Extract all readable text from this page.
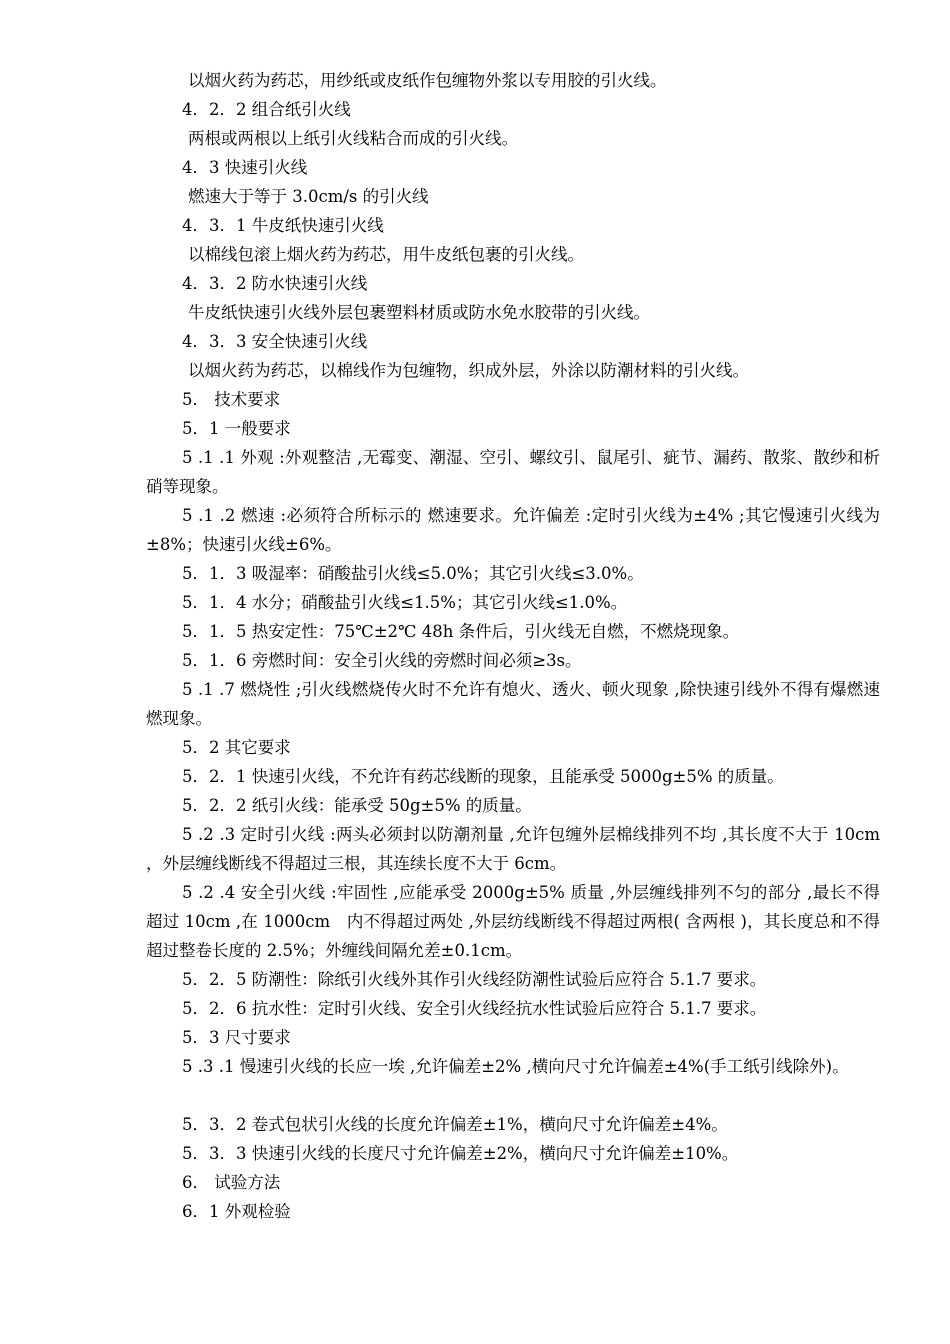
以烟火药为药芯，用纱纸或皮纸作包缠物外浆以专用胶的引火线。
4．2．2 组合纸引火线
两根或两根以上纸引火线粘合而成的引火线。
4．3 快速引火线
燃速大于等于 3.0cm/s 的引火线
4．3．1 牛皮纸快速引火线
以棉线包滚上烟火药为药芯，用牛皮纸包裹的引火线。
4．3．2 防水快速引火线
牛皮纸快速引火线外层包裹塑料材质或防水免水胶带的引火线。
4．3．3 安全快速引火线
以烟火药为药芯，以棉线作为包缠物，织成外层，外涂以防潮材料的引火线。
5． 技术要求
5．1 一般要求
5 .1 .1 外观 :外观整洁 ,无霉变、潮湿、空引、螺纹引、鼠尾引、疵节、漏药、散浆、散纱和析硝等现象。
5 .1 .2 燃速 :必须符合所标示的 燃速要求。允许偏差 :定时引火线为±4% ;其它慢速引火线为±8%；快速引火线±6%。
5．1．3 吸湿率：硝酸盐引火线≤5.0%；其它引火线≤3.0%。
5．1．4 水分；硝酸盐引火线≤1.5%；其它引火线≤1.0%。
5．1．5 热安定性：75℃±2℃ 48h 条件后，引火线无自燃，不燃烧现象。
5．1．6 旁燃时间：安全引火线的旁燃时间必须≥3s。
5 .1 .7 燃烧性 ;引火线燃烧传火时不允许有熄火、透火、顿火现象 ,除快速引线外不得有爆燃速燃现象。
5．2 其它要求
5．2．1 快速引火线，不允许有药芯线断的现象，且能承受 5000g±5% 的质量。
5．2．2 纸引火线：能承受 50g±5% 的质量。
5 .2 .3 定时引火线 :两头必须封以防潮剂量 ,允许包缠外层棉线排列不均 ,其长度不大于 10cm ，外层缠线断线不得超过三根，其连续长度不大于 6cm。
5 .2 .4 安全引火线 :牢固性 ,应能承受 2000g±5% 质量 ,外层缠线排列不匀的部分 ,最长不得超过 10cm ,在 1000cm　内不得超过两处 ,外层纺线断线不得超过两根( 含两根 )，其长度总和不得超过整卷长度的 2.5%；外缠线间隔允差±0.1cm。
5．2．5 防潮性：除纸引火线外其作引火线经防潮性试验后应符合 5.1.7 要求。
5．2．6 抗水性：定时引火线、安全引火线经抗水性试验后应符合 5.1.7 要求。
5．3 尺寸要求
5 .3 .1 慢速引火线的长应一埃 ,允许偏差±2% ,横向尺寸允许偏差±4%(手工纸引线除外)。
5．3．2 卷式包状引火线的长度允许偏差±1%，横向尺寸允许偏差±4%。
5．3．3 快速引火线的长度尺寸允许偏差±2%，横向尺寸允许偏差±10%。
6． 试验方法
6．1 外观检验
